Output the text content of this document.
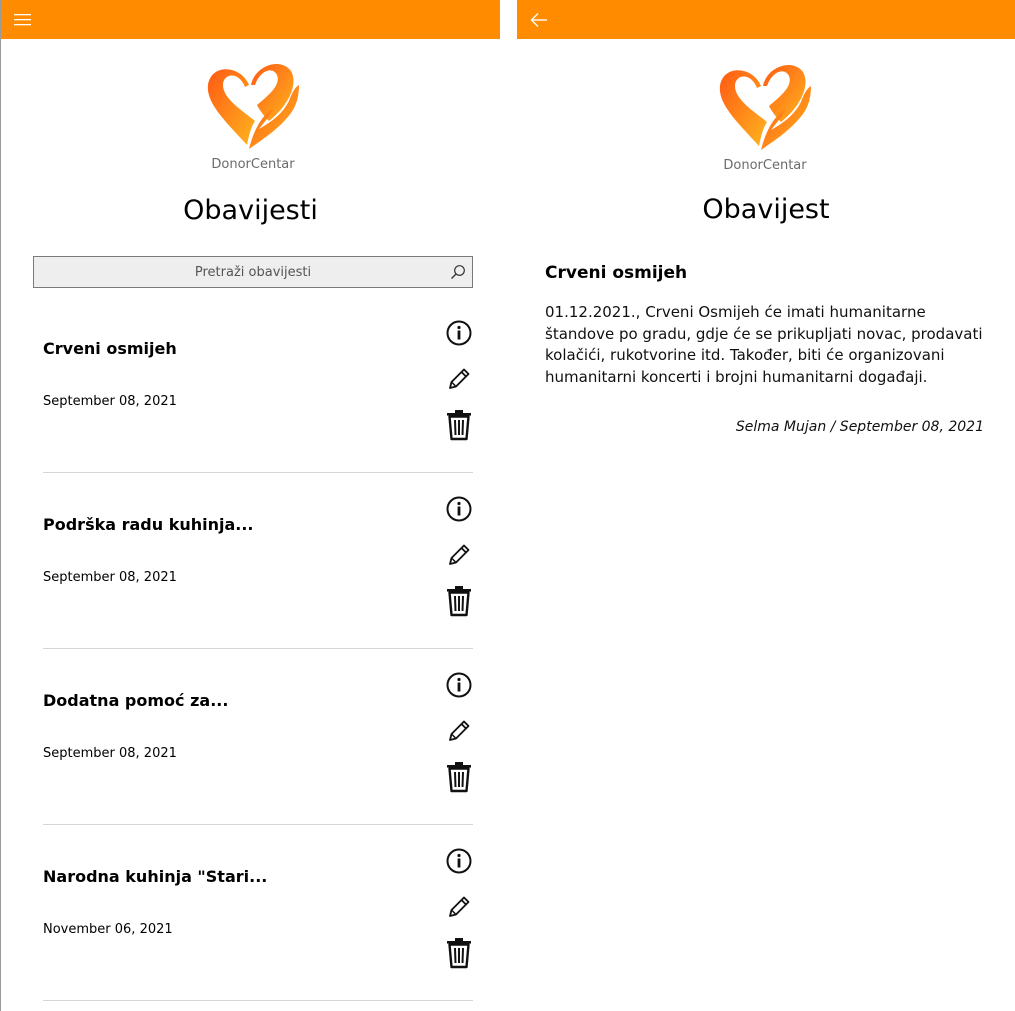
DonorCentar
Obavijesti
Pretraži obavijesti
Crveni osmijeh
September 08, 2021
Podrška radu kuhinja...
September 08, 2021
Dodatna pomoć za...
September 08, 2021
Narodna kuhinja "Stari...
November 06, 2021
DonorCentar
Obavijest
Crveni osmijeh
01.12.2021., Crveni Osmijeh će imati humanitarne štandove po gradu, gdje će se prikupljati novac, prodavati kolačići, rukotvorine itd. Također, biti će organizovani humanitarni koncerti i brojni humanitarni događaji.
Selma Mujan / September 08, 2021
